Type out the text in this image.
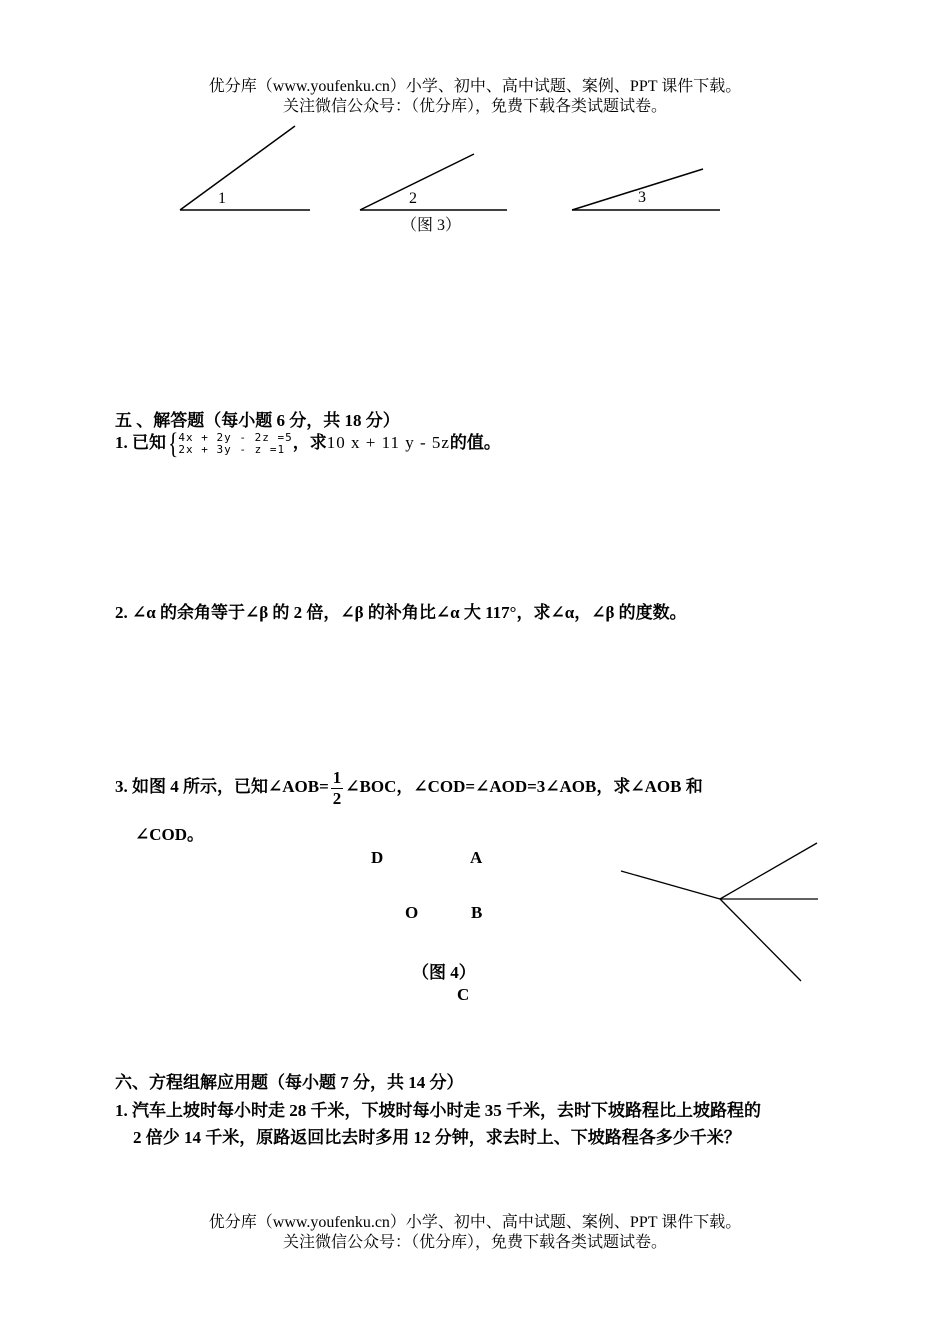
优分库（www.youfenku.cn）小学、初中、高中试题、案例、PPT 课件下载。
关注微信公众号：（优分库），免费下载各类试题试卷。
1	2	3
（图 3）
五 、解答题（每小题 6 分，共 18 分）
1. 已知{ 4x + 2y - 2z =5
2x + 3y - z =1 ，求10 x + 11 y - 5z的值。
2. ∠α 的余角等于∠β 的 2 倍，∠β 的补角比∠α 大 117°，求∠α，∠β 的度数。
3. 如图 4 所示，已知∠AOB= $\frac{1}{2}$ ∠BOC，∠COD=∠AOD=3∠AOB，求∠AOB 和
∠COD。
D	A
O	B
（图 4）
C
六、方程组解应用题（每小题 7 分，共 14 分）
1. 汽车上坡时每小时走 28 千米，下坡时每小时走 35 千米，去时下坡路程比上坡路程的
2 倍少 14 千米，原路返回比去时多用 12 分钟，求去时上、下坡路程各多少千米？
优分库（www.youfenku.cn）小学、初中、高中试题、案例、PPT 课件下载。
关注微信公众号：（优分库），免费下载各类试题试卷。
